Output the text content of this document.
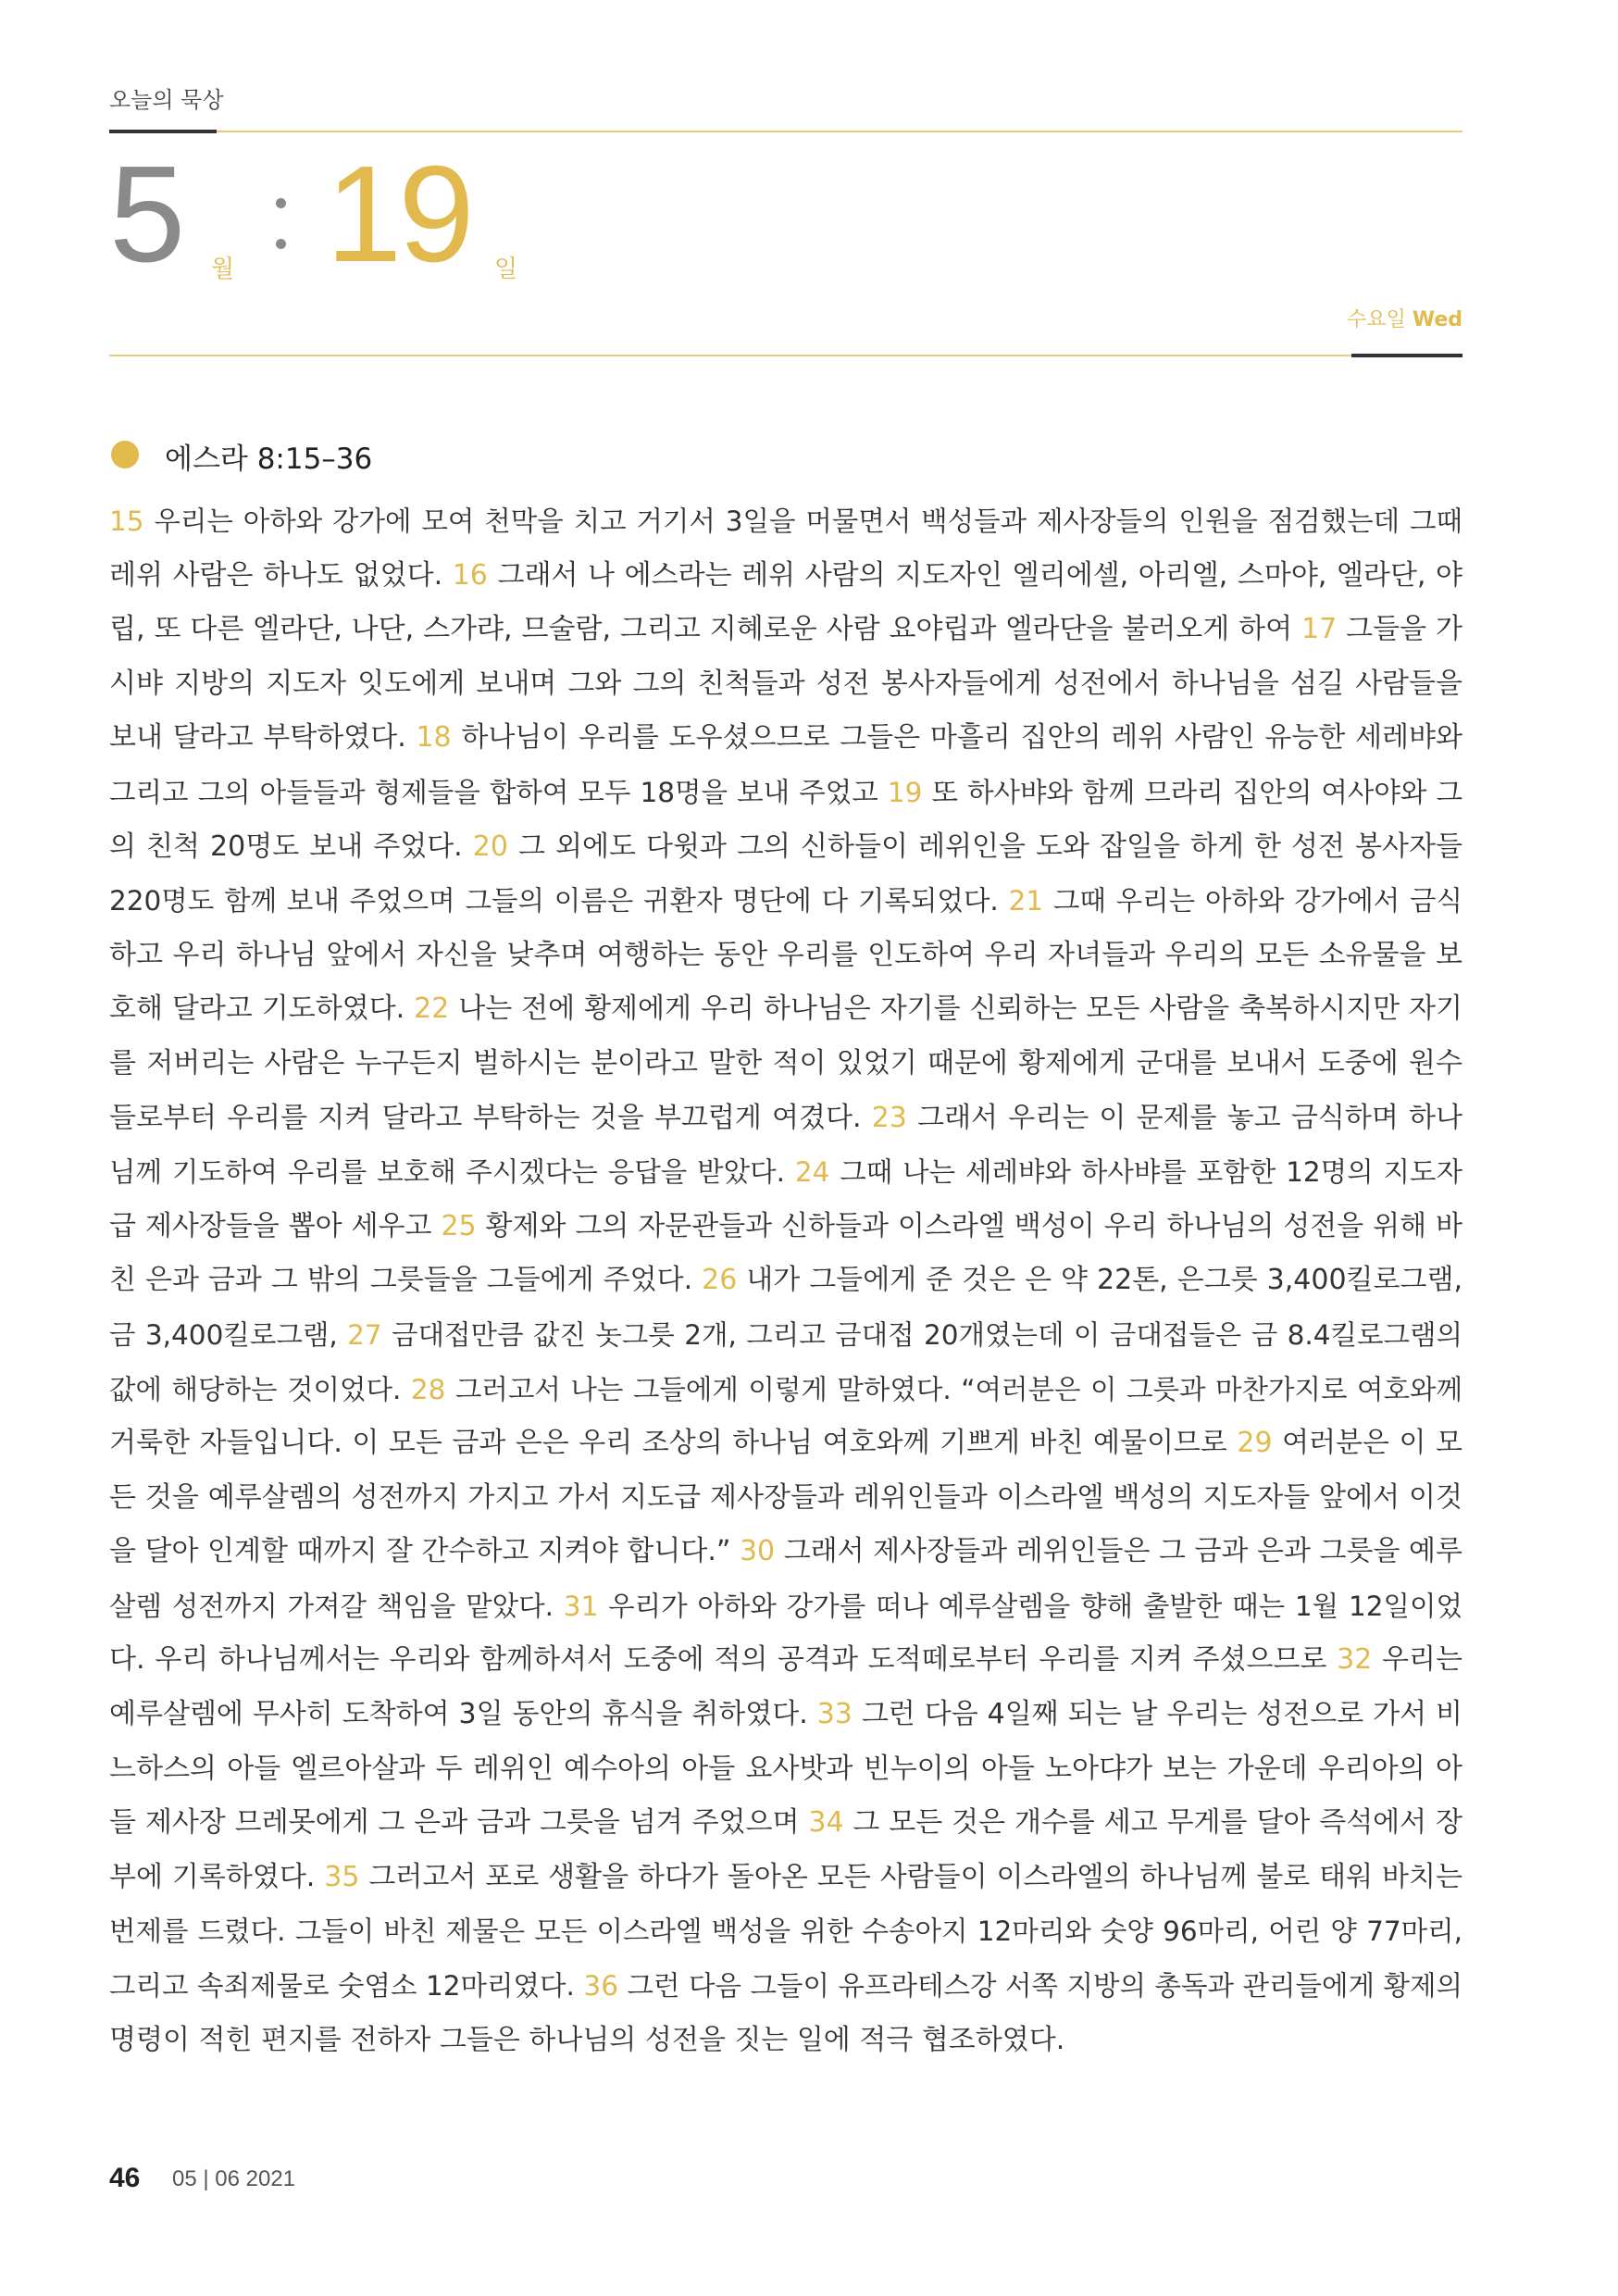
오늘의 묵상
5 월 19 일
수요일 Wed
에스라 8:15–36
15 우리는 아하와 강가에 모여 천막을 치고 거기서 3일을 머물면서 백성들과 제사장들의 인원을 점검했는데 그때
레위 사람은 하나도 없었다. 16 그래서 나 에스라는 레위 사람의 지도자인 엘리에셀, 아리엘, 스마야, 엘라단, 야
립, 또 다른 엘라단, 나단, 스가랴, 므술람, 그리고 지혜로운 사람 요야립과 엘라단을 불러오게 하여 17 그들을 가
시뱌 지방의 지도자 잇도에게 보내며 그와 그의 친척들과 성전 봉사자들에게 성전에서 하나님을 섬길 사람들을
보내 달라고 부탁하였다. 18 하나님이 우리를 도우셨으므로 그들은 마흘리 집안의 레위 사람인 유능한 세레뱌와
그리고 그의 아들들과 형제들을 합하여 모두 18명을 보내 주었고 19 또 하사뱌와 함께 므라리 집안의 여사야와 그
의 친척 20명도 보내 주었다. 20 그 외에도 다윗과 그의 신하들이 레위인을 도와 잡일을 하게 한 성전 봉사자들
220명도 함께 보내 주었으며 그들의 이름은 귀환자 명단에 다 기록되었다. 21 그때 우리는 아하와 강가에서 금식
하고 우리 하나님 앞에서 자신을 낮추며 여행하는 동안 우리를 인도하여 우리 자녀들과 우리의 모든 소유물을 보
호해 달라고 기도하였다. 22 나는 전에 황제에게 우리 하나님은 자기를 신뢰하는 모든 사람을 축복하시지만 자기
를 저버리는 사람은 누구든지 벌하시는 분이라고 말한 적이 있었기 때문에 황제에게 군대를 보내서 도중에 원수
들로부터 우리를 지켜 달라고 부탁하는 것을 부끄럽게 여겼다. 23 그래서 우리는 이 문제를 놓고 금식하며 하나
님께 기도하여 우리를 보호해 주시겠다는 응답을 받았다. 24 그때 나는 세레뱌와 하사뱌를 포함한 12명의 지도자
급 제사장들을 뽑아 세우고 25 황제와 그의 자문관들과 신하들과 이스라엘 백성이 우리 하나님의 성전을 위해 바
친 은과 금과 그 밖의 그릇들을 그들에게 주었다. 26 내가 그들에게 준 것은 은 약 22톤, 은그릇 3,400킬로그램,
금 3,400킬로그램, 27 금대접만큼 값진 놋그릇 2개, 그리고 금대접 20개였는데 이 금대접들은 금 8.4킬로그램의
값에 해당하는 것이었다. 28 그러고서 나는 그들에게 이렇게 말하였다. “여러분은 이 그릇과 마찬가지로 여호와께
거룩한 자들입니다. 이 모든 금과 은은 우리 조상의 하나님 여호와께 기쁘게 바친 예물이므로 29 여러분은 이 모
든 것을 예루살렘의 성전까지 가지고 가서 지도급 제사장들과 레위인들과 이스라엘 백성의 지도자들 앞에서 이것
을 달아 인계할 때까지 잘 간수하고 지켜야 합니다.” 30 그래서 제사장들과 레위인들은 그 금과 은과 그릇을 예루
살렘 성전까지 가져갈 책임을 맡았다. 31 우리가 아하와 강가를 떠나 예루살렘을 향해 출발한 때는 1월 12일이었
다. 우리 하나님께서는 우리와 함께하셔서 도중에 적의 공격과 도적떼로부터 우리를 지켜 주셨으므로 32 우리는
예루살렘에 무사히 도착하여 3일 동안의 휴식을 취하였다. 33 그런 다음 4일째 되는 날 우리는 성전으로 가서 비
느하스의 아들 엘르아살과 두 레위인 예수아의 아들 요사밧과 빈누이의 아들 노아댜가 보는 가운데 우리아의 아
들 제사장 므레못에게 그 은과 금과 그릇을 넘겨 주었으며 34 그 모든 것은 개수를 세고 무게를 달아 즉석에서 장
부에 기록하였다. 35 그러고서 포로 생활을 하다가 돌아온 모든 사람들이 이스라엘의 하나님께 불로 태워 바치는
번제를 드렸다. 그들이 바친 제물은 모든 이스라엘 백성을 위한 수송아지 12마리와 숫양 96마리, 어린 양 77마리,
그리고 속죄제물로 숫염소 12마리였다. 36 그런 다음 그들이 유프라테스강 서쪽 지방의 총독과 관리들에게 황제의
명령이 적힌 편지를 전하자 그들은 하나님의 성전을 짓는 일에 적극 협조하였다.
46 05 | 06 2021
